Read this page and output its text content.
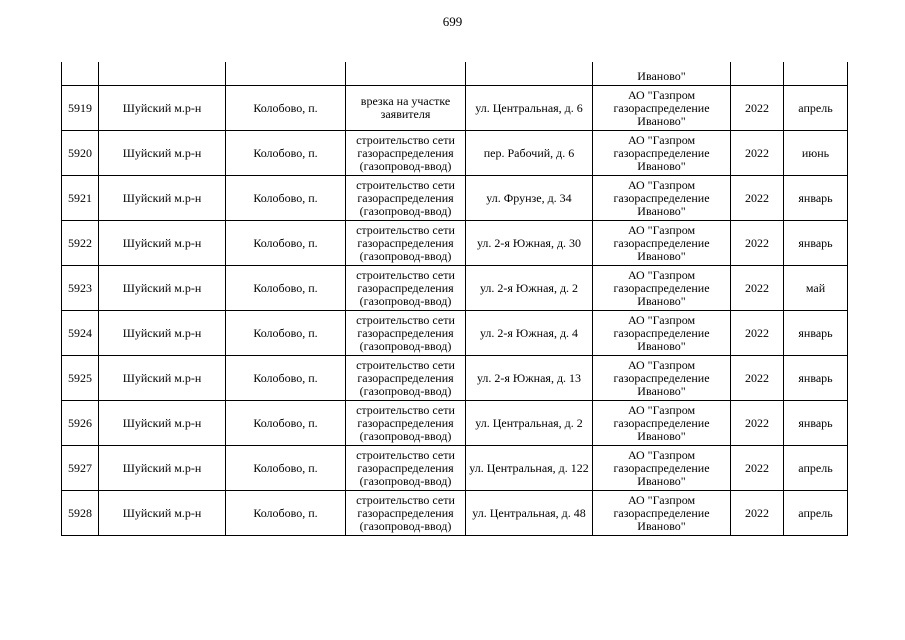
699
					Иваново"		
5919	Шуйский м.р-н	Колобово, п.	врезка на участке заявителя	ул. Центральная, д. 6	АО "Газпром газораспределение Иваново"	2022	апрель
5920	Шуйский м.р-н	Колобово, п.	строительство сети газораспределения (газопровод-ввод)	пер. Рабочий, д. 6	АО "Газпром газораспределение Иваново"	2022	июнь
5921	Шуйский м.р-н	Колобово, п.	строительство сети газораспределения (газопровод-ввод)	ул. Фрунзе, д. 34	АО "Газпром газораспределение Иваново"	2022	январь
5922	Шуйский м.р-н	Колобово, п.	строительство сети газораспределения (газопровод-ввод)	ул. 2-я Южная, д. 30	АО "Газпром газораспределение Иваново"	2022	январь
5923	Шуйский м.р-н	Колобово, п.	строительство сети газораспределения (газопровод-ввод)	ул. 2-я Южная, д. 2	АО "Газпром газораспределение Иваново"	2022	май
5924	Шуйский м.р-н	Колобово, п.	строительство сети газораспределения (газопровод-ввод)	ул. 2-я Южная, д. 4	АО "Газпром газораспределение Иваново"	2022	январь
5925	Шуйский м.р-н	Колобово, п.	строительство сети газораспределения (газопровод-ввод)	ул. 2-я Южная, д. 13	АО "Газпром газораспределение Иваново"	2022	январь
5926	Шуйский м.р-н	Колобово, п.	строительство сети газораспределения (газопровод-ввод)	ул. Центральная, д. 2	АО "Газпром газораспределение Иваново"	2022	январь
5927	Шуйский м.р-н	Колобово, п.	строительство сети газораспределения (газопровод-ввод)	ул. Центральная, д. 122	АО "Газпром газораспределение Иваново"	2022	апрель
5928	Шуйский м.р-н	Колобово, п.	строительство сети газораспределения (газопровод-ввод)	ул. Центральная, д. 48	АО "Газпром газораспределение Иваново"	2022	апрель
